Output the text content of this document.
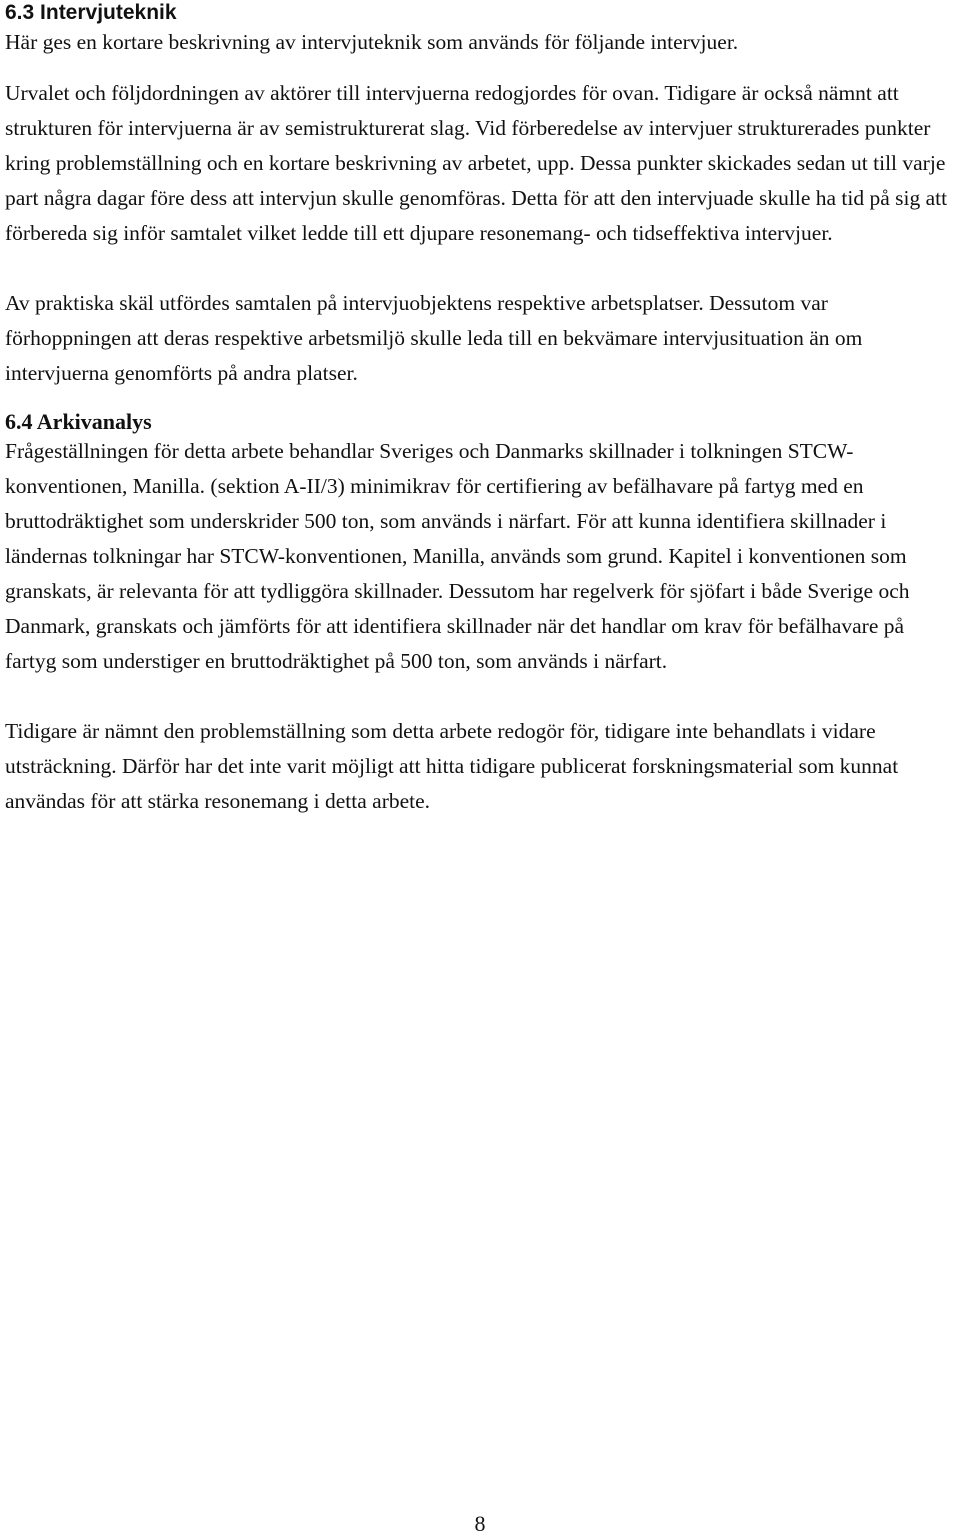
6.3 Intervjuteknik

Här ges en kortare beskrivning av intervjuteknik som används för följande intervjuer.

Urvalet och följdordningen av aktörer till intervjuerna redogjordes för ovan. Tidigare är också nämnt att strukturen för intervjuerna är av semistrukturerat slag. Vid förberedelse av intervjuer strukturerades punkter kring problemställning och en kortare beskrivning av arbetet, upp. Dessa punkter skickades sedan ut till varje part några dagar före dess att intervjun skulle genomföras. Detta för att den intervjuade skulle ha tid på sig att förbereda sig inför samtalet vilket ledde till ett djupare resonemang- och tidseffektiva intervjuer.

Av praktiska skäl utfördes samtalen på intervjuobjektens respektive arbetsplatser. Dessutom var förhoppningen att deras respektive arbetsmiljö skulle leda till en bekvämare intervjusituation än om intervjuerna genomförts på andra platser.

6.4 Arkivanalys

Frågeställningen för detta arbete behandlar Sveriges och Danmarks skillnader i tolkningen STCW-konventionen, Manilla. (sektion A-II/3) minimikrav för certifiering av befälhavare på fartyg med en bruttodräktighet som underskrider 500 ton, som används i närfart. För att kunna identifiera skillnader i ländernas tolkningar har STCW-konventionen, Manilla, används som grund. Kapitel i konventionen som granskats, är relevanta för att tydliggöra skillnader. Dessutom har regelverk för sjöfart i både Sverige och Danmark, granskats och jämförts för att identifiera skillnader när det handlar om krav för befälhavare på fartyg som understiger en bruttodräktighet på 500 ton, som används i närfart.

Tidigare är nämnt den problemställning som detta arbete redogör för, tidigare inte behandlats i vidare utsträckning. Därför har det inte varit möjligt att hitta tidigare publicerat forskningsmaterial som kunnat användas för att stärka resonemang i detta arbete.

8
